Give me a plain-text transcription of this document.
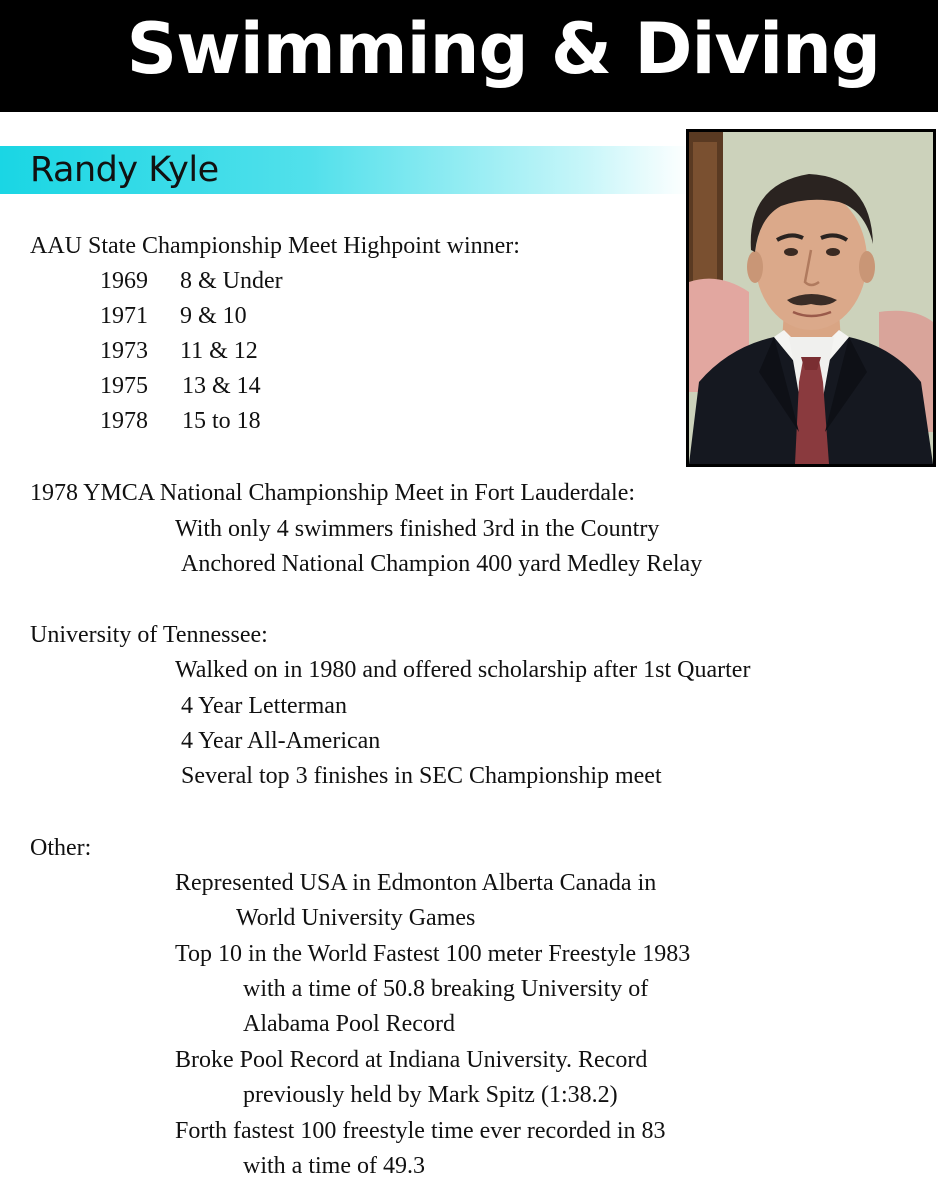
Swimming & Diving
Randy Kyle
AAU State Championship Meet Highpoint winner:
1969 8 & Under
1971 9 & 10
1973 11 & 12
1975 13 & 14
1978 15 to 18
1978 YMCA National Championship Meet in Fort Lauderdale:
With only 4 swimmers finished 3rd in the Country
Anchored National Champion 400 yard Medley Relay
University of Tennessee:
Walked on in 1980 and offered scholarship after 1st Quarter
4 Year Letterman
4 Year All-American
Several top 3 finishes in SEC Championship meet
Other:
Represented USA in Edmonton Alberta Canada in
World University Games
Top 10 in the World Fastest 100 meter Freestyle 1983
with a time of 50.8 breaking University of
Alabama Pool Record
Broke Pool Record at Indiana University. Record
previously held by Mark Spitz (1:38.2)
Forth fastest 100 freestyle time ever recorded in 83
with a time of 49.3
